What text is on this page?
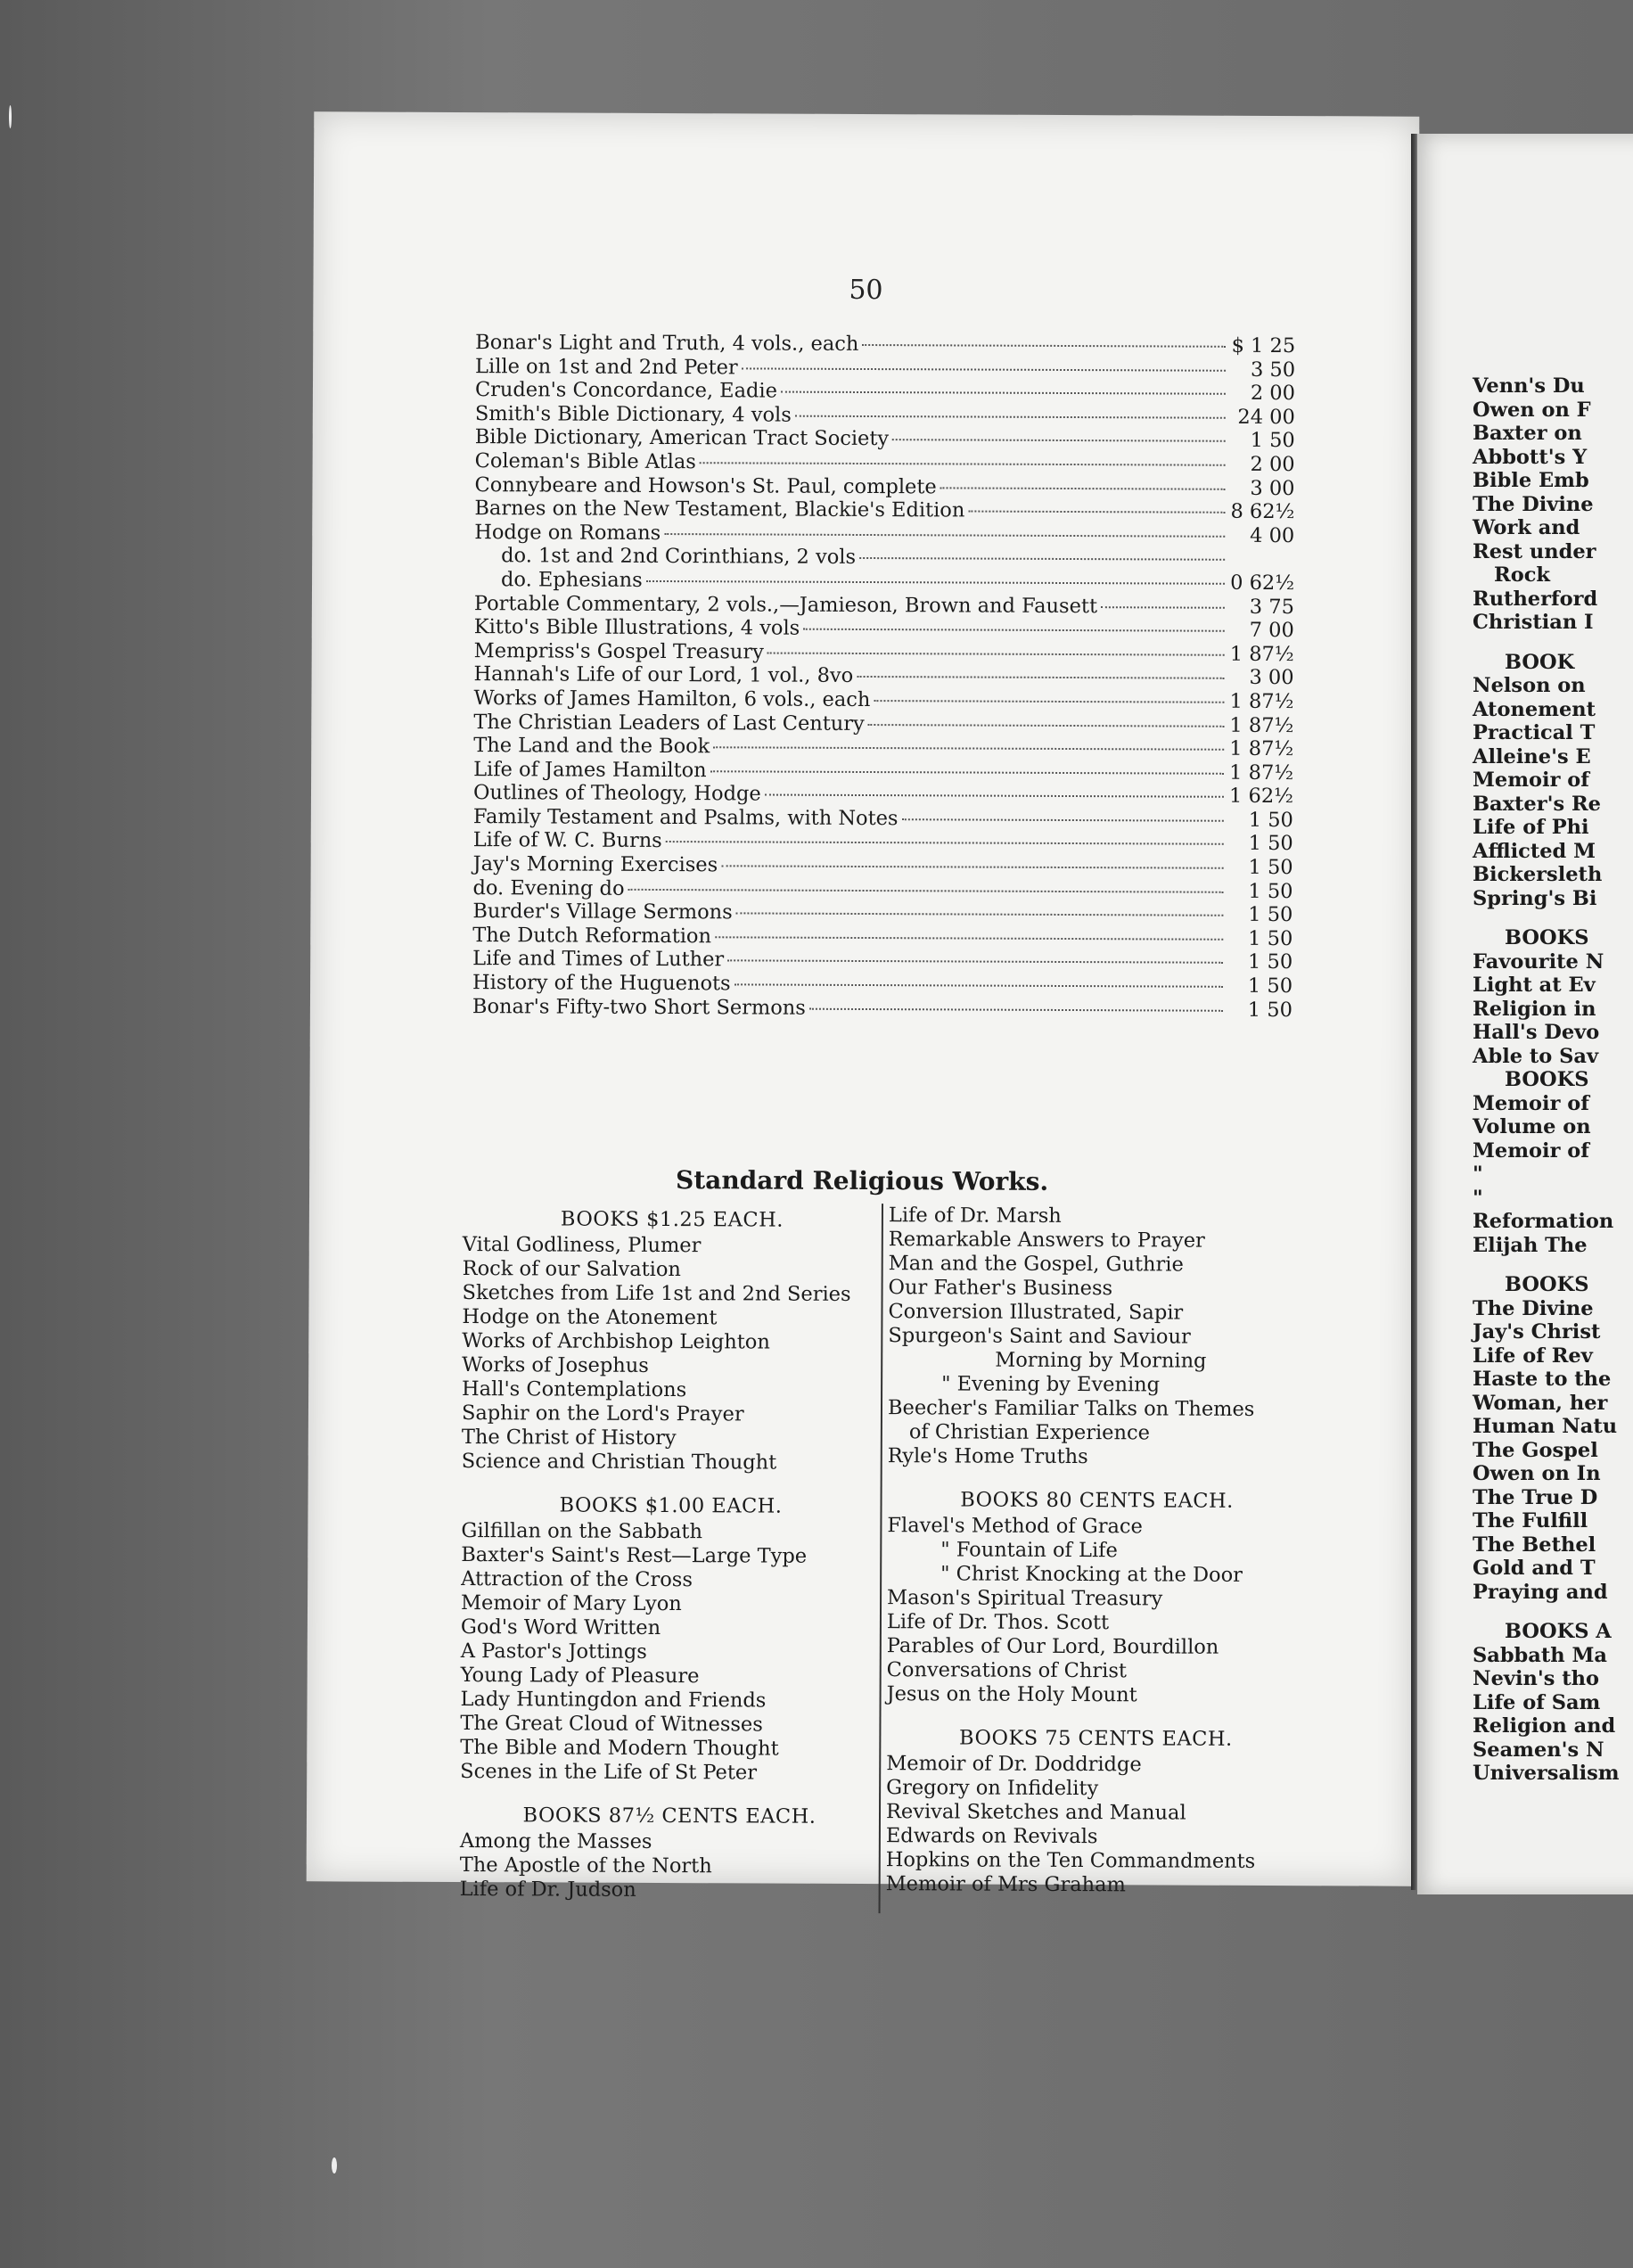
50
Bonar's Light and Truth, 4 vols., each	$ 1 25
Lille on 1st and 2nd Peter	3 50
Cruden's Concordance, Eadie	2 00
Smith's Bible Dictionary, 4 vols	24 00
Bible Dictionary, American Tract Society	1 50
Coleman's Bible Atlas	2 00
Connybeare and Howson's St. Paul, complete	3 00
Barnes on the New Testament, Blackie's Edition	8 62½
Hodge on Romans	4 00
do. 1st and 2nd Corinthians, 2 vols
do. Ephesians	0 62½
Portable Commentary, 2 vols.,—Jamieson, Brown and Fausett	3 75
Kitto's Bible Illustrations, 4 vols	7 00
Mempriss's Gospel Treasury	1 87½
Hannah's Life of our Lord, 1 vol., 8vo	3 00
Works of James Hamilton, 6 vols., each	1 87½
The Christian Leaders of Last Century	1 87½
The Land and the Book	1 87½
Life of James Hamilton	1 87½
Outlines of Theology, Hodge	1 62½
Family Testament and Psalms, with Notes	1 50
Life of W. C. Burns	1 50
Jay's Morning Exercises	1 50
do. Evening do	1 50
Burder's Village Sermons	1 50
The Dutch Reformation	1 50
Life and Times of Luther	1 50
History of the Huguenots	1 50
Bonar's Fifty-two Short Sermons	1 50
Standard Religious Works.
BOOKS $1.25 EACH.
Vital Godliness, Plumer
Rock of our Salvation
Sketches from Life 1st and 2nd Series
Hodge on the Atonement
Works of Archbishop Leighton
Works of Josephus
Hall's Contemplations
Saphir on the Lord's Prayer
The Christ of History
Science and Christian Thought
BOOKS $1.00 EACH.
Gilfillan on the Sabbath
Baxter's Saint's Rest—Large Type
Attraction of the Cross
Memoir of Mary Lyon
God's Word Written
A Pastor's Jottings
Young Lady of Pleasure
Lady Huntingdon and Friends
The Great Cloud of Witnesses
The Bible and Modern Thought
Scenes in the Life of St Peter
BOOKS 87½ CENTS EACH.
Among the Masses
The Apostle of the North
Life of Dr. Judson
Life of Dr. Marsh
Remarkable Answers to Prayer
Man and the Gospel, Guthrie
Our Father's Business
Conversion Illustrated, Sapir
Spurgeon's Saint and Saviour
Morning by Morning
" Evening by Evening
Beecher's Familiar Talks on Themes
of Christian Experience
Ryle's Home Truths
BOOKS 80 CENTS EACH.
Flavel's Method of Grace
" Fountain of Life
" Christ Knocking at the Door
Mason's Spiritual Treasury
Life of Dr. Thos. Scott
Parables of Our Lord, Bourdillon
Conversations of Christ
Jesus on the Holy Mount
BOOKS 75 CENTS EACH.
Memoir of Dr. Doddridge
Gregory on Infidelity
Revival Sketches and Manual
Edwards on Revivals
Hopkins on the Ten Commandments
Memoir of Mrs Graham
Venn's Du
Owen on F
Baxter on
Abbott's Y
Bible Emb
The Divine
Work and
Rest under
Rock
Rutherford
Christian I
BOOK
Nelson on
Atonement
Practical T
Alleine's E
Memoir of
Baxter's Re
Life of Phi
Afflicted M
Bickersleth
Spring's Bi
BOOKS
Favourite N
Light at Ev
Religion in
Hall's Devo
Able to Sav
BOOKS
Memoir of
Volume on
Memoir of
"
"
Reformation
Elijah The
BOOKS
The Divine
Jay's Christ
Life of Rev
Haste to the
Woman, her
Human Natu
The Gospel
Owen on In
The True D
The Fulfill
The Bethel
Gold and T
Praying and
BOOKS A
Sabbath Ma
Nevin's tho
Life of Sam
Religion and
Seamen's N
Universalism
